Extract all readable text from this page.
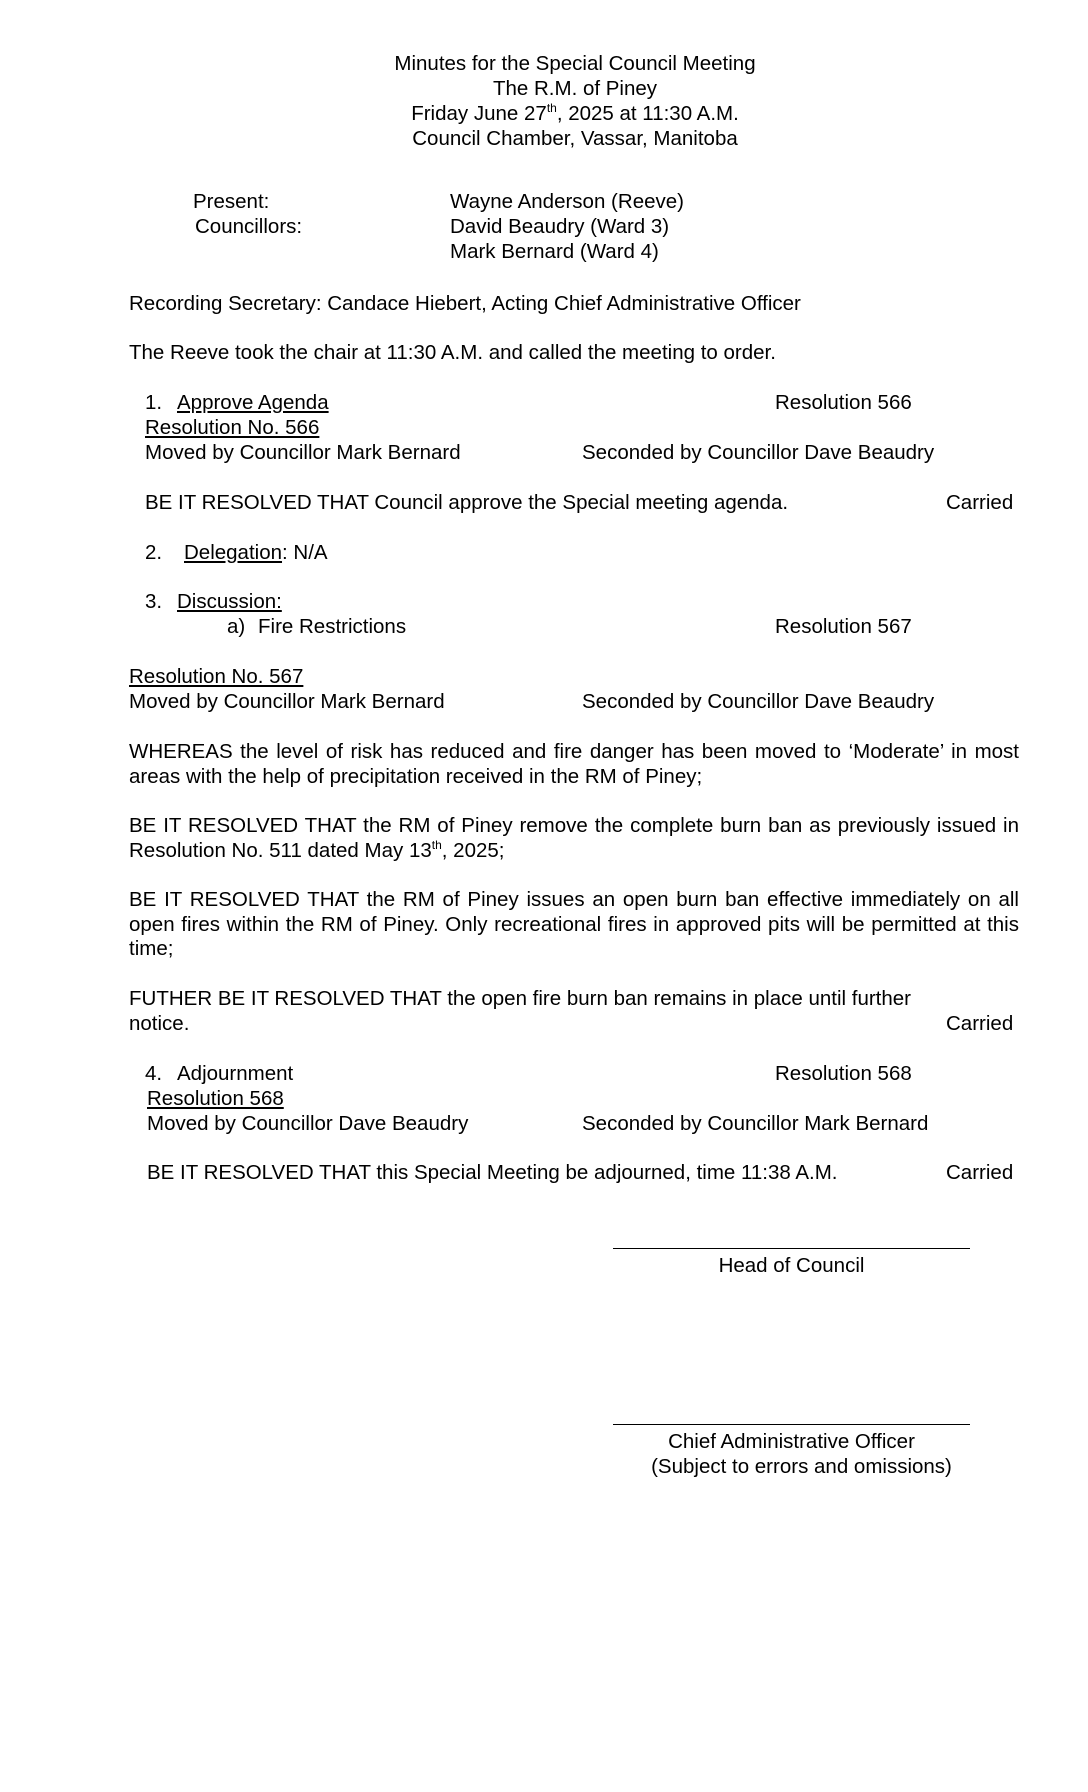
Minutes for the Special Council Meeting
The R.M. of Piney
Friday June 27th, 2025 at 11:30 A.M.
Council Chamber, Vassar, Manitoba
Present:	Wayne Anderson (Reeve)
Councillors:	David Beaudry (Ward 3)
Mark Bernard (Ward 4)
Recording Secretary: Candace Hiebert, Acting Chief Administrative Officer
The Reeve took the chair at 11:30 A.M. and called the meeting to order.
1. Approve Agenda	Resolution 566
Resolution No. 566
Moved by Councillor Mark Bernard	Seconded by Councillor Dave Beaudry
BE IT RESOLVED THAT Council approve the Special meeting agenda.	Carried
2. Delegation: N/A
3. Discussion:
a) Fire Restrictions	Resolution 567
Resolution No. 567
Moved by Councillor Mark Bernard	Seconded by Councillor Dave Beaudry
WHEREAS the level of risk has reduced and fire danger has been moved to ‘Moderate’ in most areas with the help of precipitation received in the RM of Piney;
BE IT RESOLVED THAT the RM of Piney remove the complete burn ban as previously issued in Resolution No. 511 dated May 13th, 2025;
BE IT RESOLVED THAT the RM of Piney issues an open burn ban effective immediately on all open fires within the RM of Piney. Only recreational fires in approved pits will be permitted at this time;
FUTHER BE IT RESOLVED THAT the open fire burn ban remains in place until further
notice.	Carried
4. Adjournment	Resolution 568
Resolution 568
Moved by Councillor Dave Beaudry	Seconded by Councillor Mark Bernard
BE IT RESOLVED THAT this Special Meeting be adjourned, time 11:38 A.M.	Carried
Head of Council
Chief Administrative Officer
(Subject to errors and omissions)
